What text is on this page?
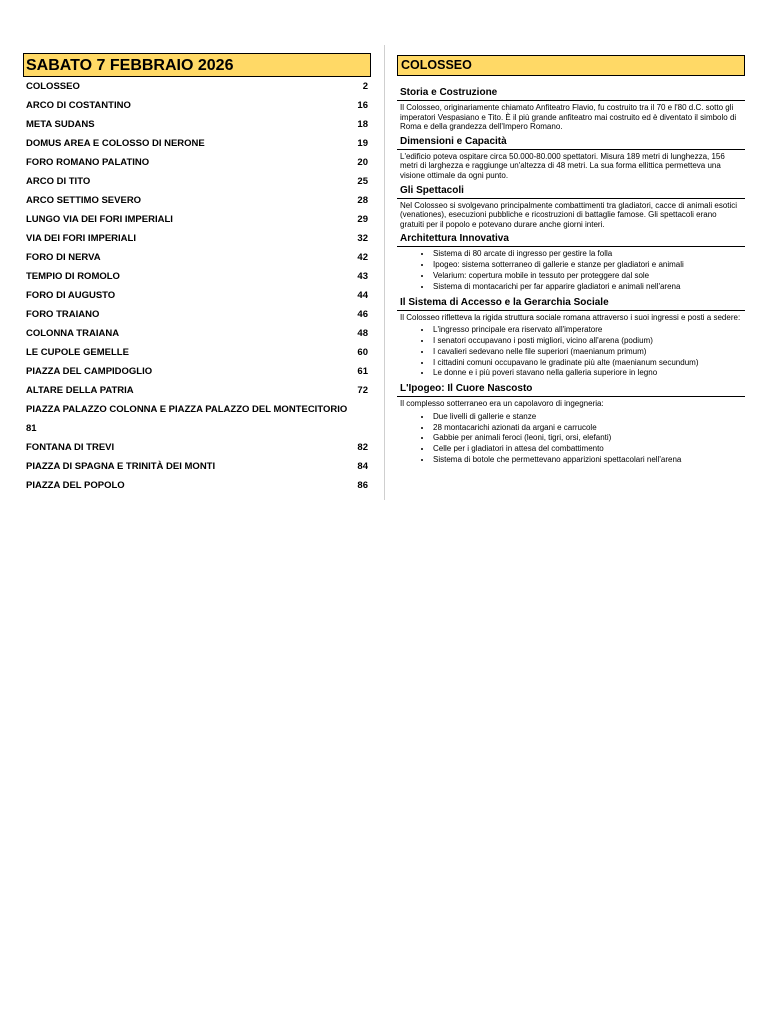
SABATO 7 FEBBRAIO 2026
COLOSSEO	2
ARCO DI COSTANTINO	16
META SUDANS	18
DOMUS AREA E COLOSSO DI NERONE	19
FORO ROMANO PALATINO	20
ARCO DI TITO	25
ARCO SETTIMO SEVERO	28
LUNGO VIA DEI FORI IMPERIALI	29
VIA DEI FORI IMPERIALI	32
FORO DI NERVA	42
TEMPIO DI ROMOLO	43
FORO DI AUGUSTO	44
FORO TRAIANO	46
COLONNA TRAIANA	48
LE CUPOLE GEMELLE	60
PIAZZA DEL CAMPIDOGLIO	61
ALTARE DELLA PATRIA	72
PIAZZA PALAZZO COLONNA E PIAZZA PALAZZO DEL MONTECITORIO
81
FONTANA DI TREVI	82
PIAZZA DI SPAGNA E TRINITÀ DEI MONTI	84
PIAZZA DEL POPOLO	86
COLOSSEO
Storia e Costruzione

Il Colosseo, originariamente chiamato Anfiteatro Flavio, fu costruito tra il 70 e l'80 d.C. sotto gli imperatori Vespasiano e Tito. È il più grande anfiteatro mai costruito ed è diventato il simbolo di Roma e della grandezza dell'Impero Romano.

Dimensioni e Capacità

L'edificio poteva ospitare circa 50.000-80.000 spettatori. Misura 189 metri di lunghezza, 156 metri di larghezza e raggiunge un'altezza di 48 metri. La sua forma ellittica permetteva una visione ottimale da ogni punto.

Gli Spettacoli

Nel Colosseo si svolgevano principalmente combattimenti tra gladiatori, cacce di animali esotici (venationes), esecuzioni pubbliche e ricostruzioni di battaglie famose. Gli spettacoli erano gratuiti per il popolo e potevano durare anche giorni interi.

Architettura Innovativa
• Sistema di 80 arcate di ingresso per gestire la folla
• Ipogeo: sistema sotterraneo di gallerie e stanze per gladiatori e animali
• Velarium: copertura mobile in tessuto per proteggere dal sole
• Sistema di montacarichi per far apparire gladiatori e animali nell'arena
Il Sistema di Accesso e la Gerarchia Sociale

Il Colosseo rifletteva la rigida struttura sociale romana attraverso i suoi ingressi e posti a sedere:

• L'ingresso principale era riservato all'imperatore
• I senatori occupavano i posti migliori, vicino all'arena (podium)
• I cavalieri sedevano nelle file superiori (maenianum primum)
• I cittadini comuni occupavano le gradinate più alte (maenianum secundum)
• Le donne e i più poveri stavano nella galleria superiore in legno
L'Ipogeo: Il Cuore Nascosto

Il complesso sotterraneo era un capolavoro di ingegneria:

• Due livelli di gallerie e stanze
• 28 montacarichi azionati da argani e carrucole
• Gabbie per animali feroci (leoni, tigri, orsi, elefanti)
• Celle per i gladiatori in attesa del combattimento
• Sistema di botole che permettevano apparizioni spettacolari nell'arena
